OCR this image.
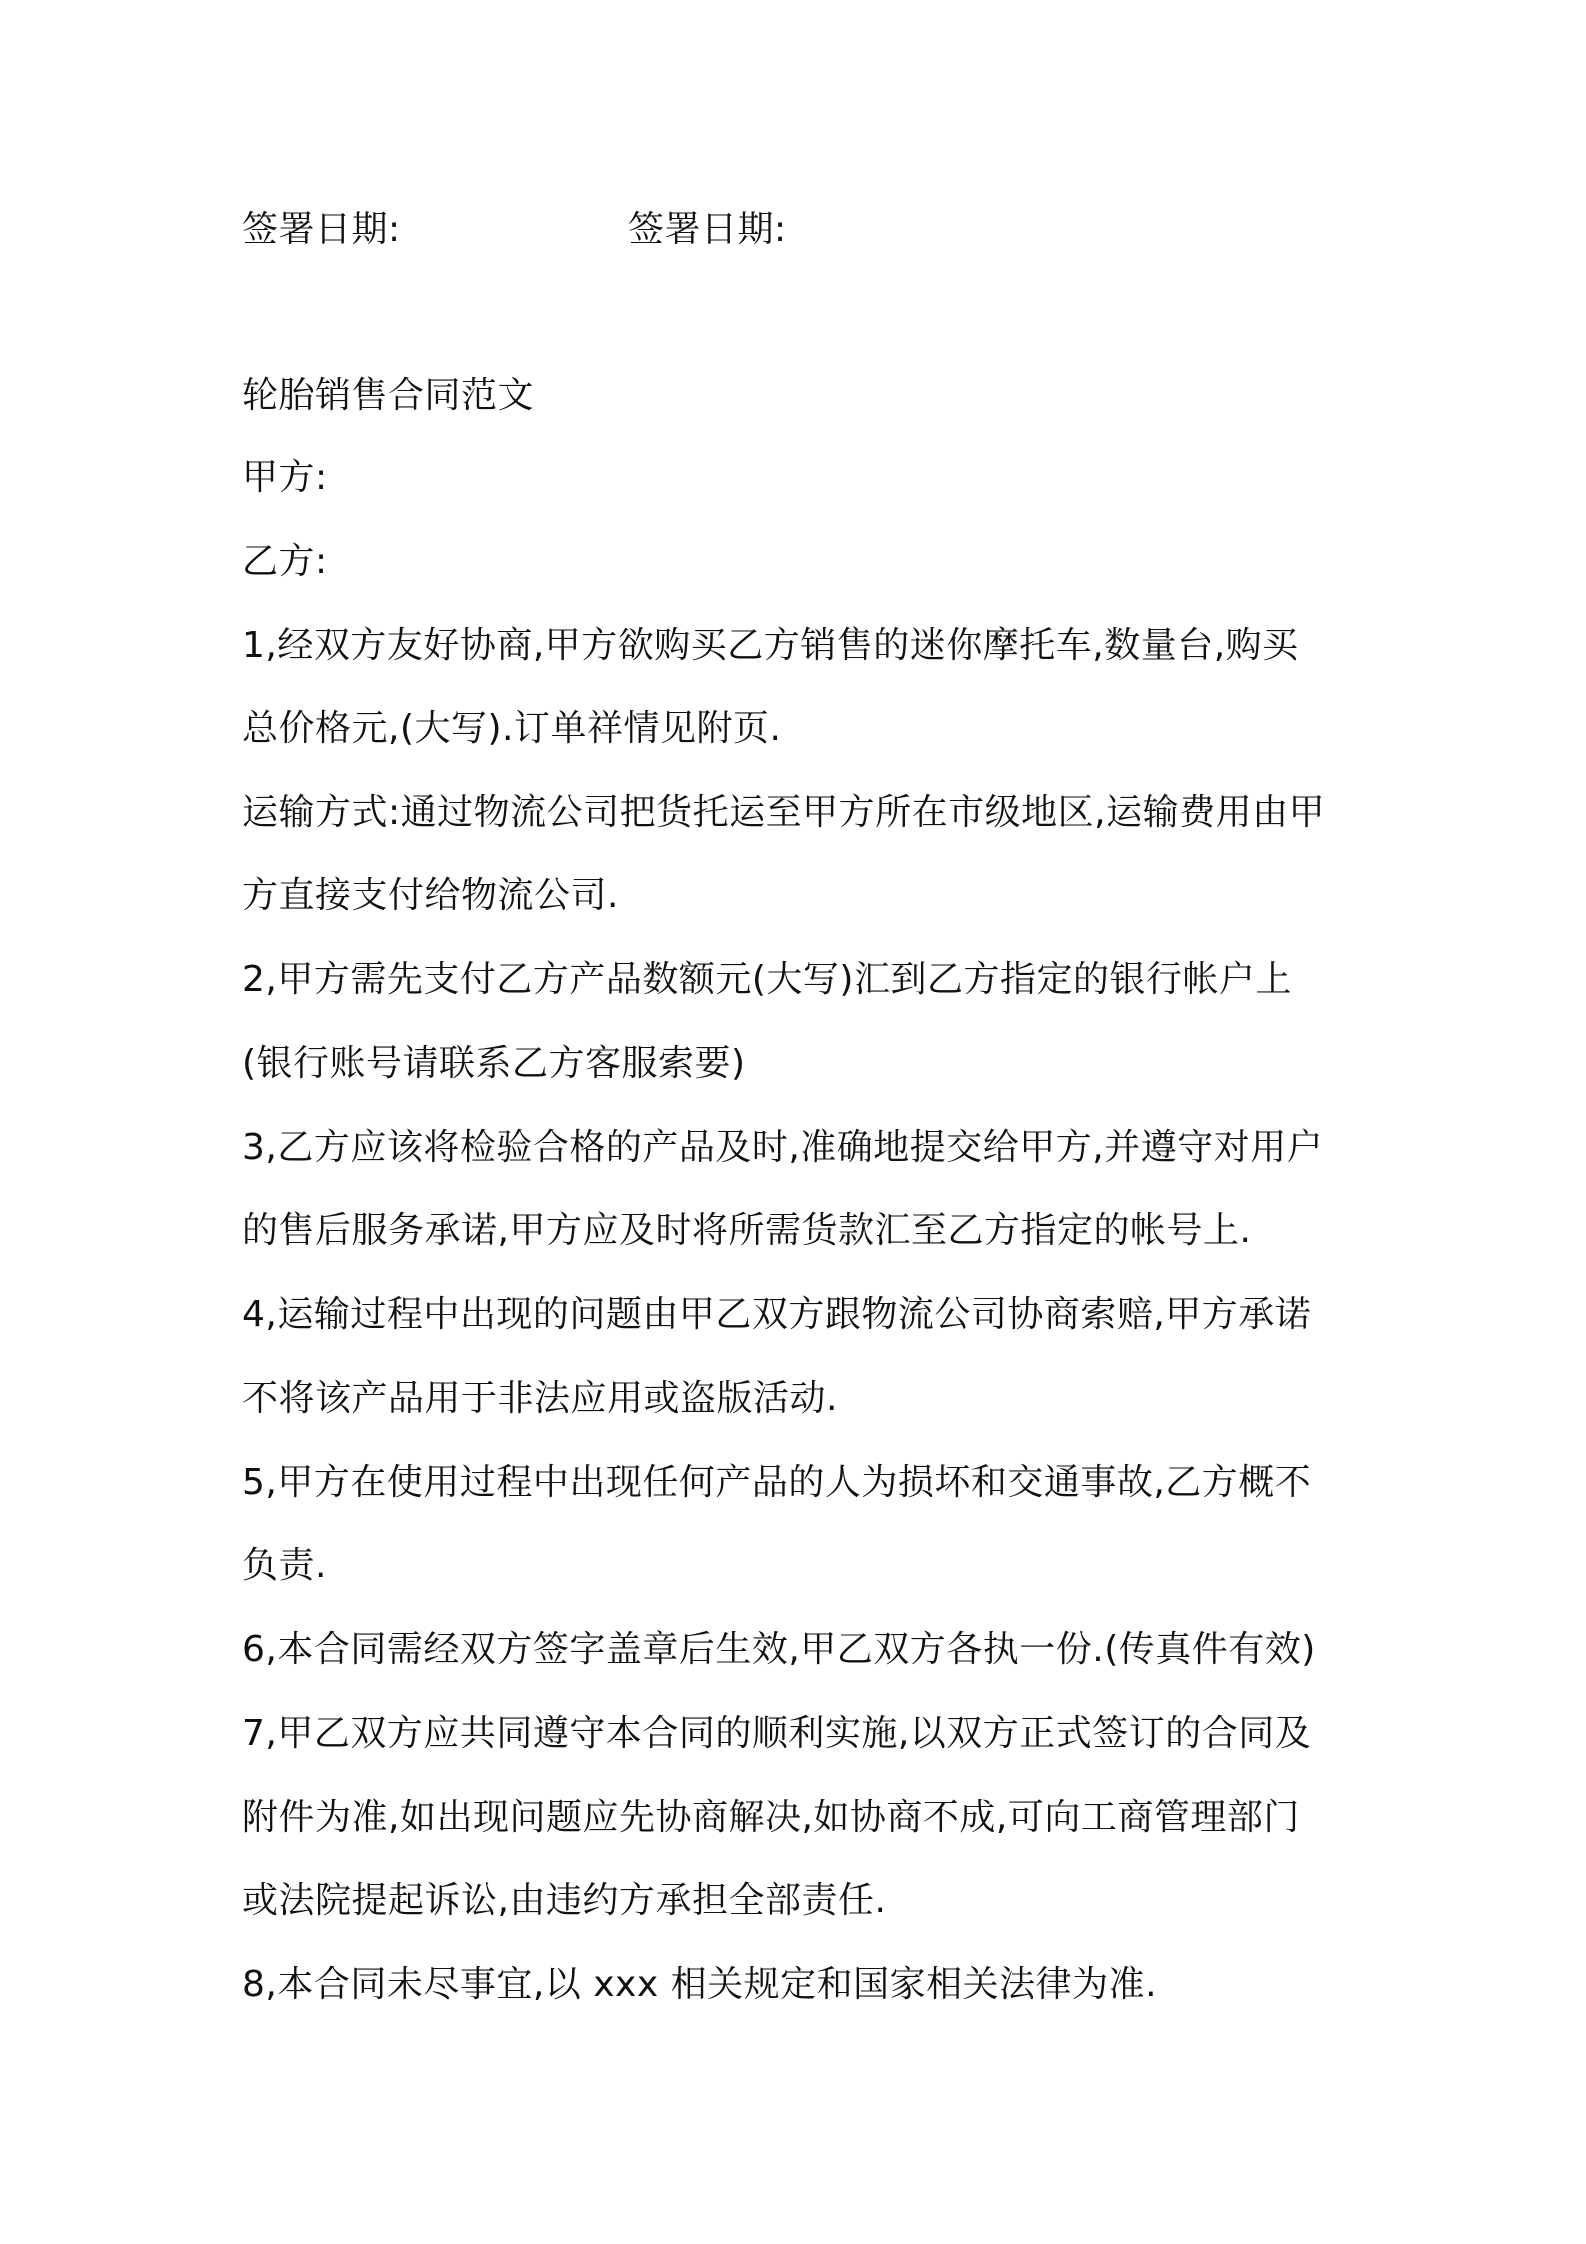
签署日期:	签署日期:

轮胎销售合同范文

甲方:

乙方:

1,经双方友好协商,甲方欲购买乙方销售的迷你摩托车,数量台,购买

总价格元,(大写).订单祥情见附页.

运输方式:通过物流公司把货托运至甲方所在市级地区,运输费用由甲

方直接支付给物流公司.

2,甲方需先支付乙方产品数额元(大写)汇到乙方指定的银行帐户上

(银行账号请联系乙方客服索要)

3,乙方应该将检验合格的产品及时,准确地提交给甲方,并遵守对用户

的售后服务承诺,甲方应及时将所需货款汇至乙方指定的帐号上.

4,运输过程中出现的问题由甲乙双方跟物流公司协商索赔,甲方承诺

不将该产品用于非法应用或盗版活动.

5,甲方在使用过程中出现任何产品的人为损坏和交通事故,乙方概不

负责.

6,本合同需经双方签字盖章后生效,甲乙双方各执一份.(传真件有效)

7,甲乙双方应共同遵守本合同的顺利实施,以双方正式签订的合同及

附件为准,如出现问题应先协商解决,如协商不成,可向工商管理部门

或法院提起诉讼,由违约方承担全部责任.

8,本合同未尽事宜,以 xxx 相关规定和国家相关法律为准.
